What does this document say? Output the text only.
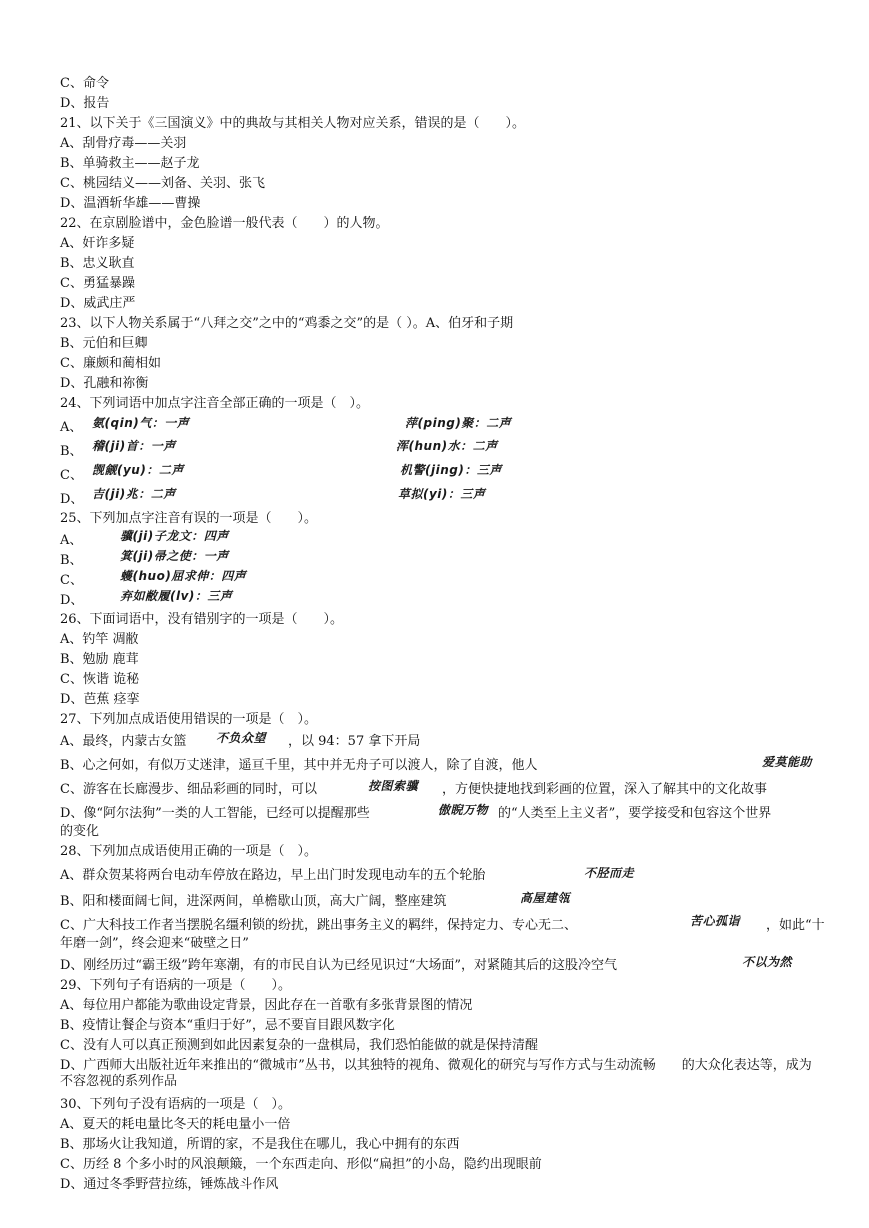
C、命令
D、报告
21、以下关于《三国演义》中的典故与其相关人物对应关系，错误的是（　　）。
A、刮骨疗毒——关羽
B、单骑救主——赵子龙
C、桃园结义——刘备、关羽、张飞
D、温酒斩华雄——曹操
22、在京剧脸谱中，金色脸谱一般代表（　　）的人物。
A、奸诈多疑
B、忠义耿直
C、勇猛暴躁
D、威武庄严
23、以下人物关系属于“八拜之交”之中的“鸡黍之交”的是（ ）。A、伯牙和子期
B、元伯和巨卿
C、廉颇和蔺相如
D、孔融和祢衡
24、下列词语中加点字注音全部正确的一项是（　）。
A、 氨(qin)气：一声	萍(ping)聚：二声
B、 稽(ji)首：一声	浑(hun)水：二声
C、 觊觎(yu)：二声	机警(jing)：三声
D、 吉(ji)兆：二声	草拟(yi)：三声
25、下列加点字注音有误的一项是（　　）。
A、	骥(ji)子龙文：四声
B、	箕(ji)帚之使：一声
C、	蠖(huo)屈求伸：四声
D、	弃如敝履(lv)：三声
26、下面词语中，没有错别字的一项是（　　）。
A、钓竿 凋敝
B、勉励 鹿茸
C、恢谐 诡秘
D、芭蕉 痉挛
27、下列加点成语使用错误的一项是（　）。
A、最终，内蒙古女篮 不负众望 ，以 94：57 拿下开局
B、心之何如，有似万丈迷津，遥亘千里，其中并无舟子可以渡人，除了自渡，他人	爱莫能助
C、游客在长廊漫步、细品彩画的同时，可以	按图索骥 ，方便快捷地找到彩画的位置，深入了解其中的文化故事
D、像“阿尔法狗”一类的人工智能，已经可以提醒那些	傲睨万物 的“人类至上主义者”，要学接受和包容这个世界
的变化
28、下列加点成语使用正确的一项是（　）。
A、群众贺某将两台电动车停放在路边，早上出门时发现电动车的五个轮胎	不胫而走
B、阳和楼面阔七间，进深两间，单檐歇山顶，高大广阔，整座建筑	高屋建瓴
C、广大科技工作者当摆脱名缰利锁的纷扰，跳出事务主义的羁绊，保持定力、专心无二、	苦心孤诣 ，如此“十
年磨一剑”，终会迎来“破壁之日”
D、刚经历过“霸王级”跨年寒潮，有的市民自认为已经见识过“大场面”，对紧随其后的这股冷空气	不以为然
29、下列句子有语病的一项是（　　）。
A、每位用户都能为歌曲设定背景，因此存在一首歌有多张背景图的情况
B、疫情让餐企与资本“重归于好”，忌不要盲目跟风数字化
C、没有人可以真正预测到如此因素复杂的一盘棋局，我们恐怕能做的就是保持清醒
D、广西师大出版社近年来推出的“微城市”丛书，以其独特的视角、微观化的研究与写作方式与生动流畅　　的大众化表达等，成为不容忽视的系列作品
30、下列句子没有语病的一项是（　）。
A、夏天的耗电量比冬天的耗电量小一倍
B、那场火让我知道，所谓的家，不是我住在哪儿，我心中拥有的东西
C、历经 8 个多小时的风浪颠簸，一个东西走向、形似“扁担”的小岛，隐约出现眼前
D、通过冬季野营拉练，锤炼战斗作风
